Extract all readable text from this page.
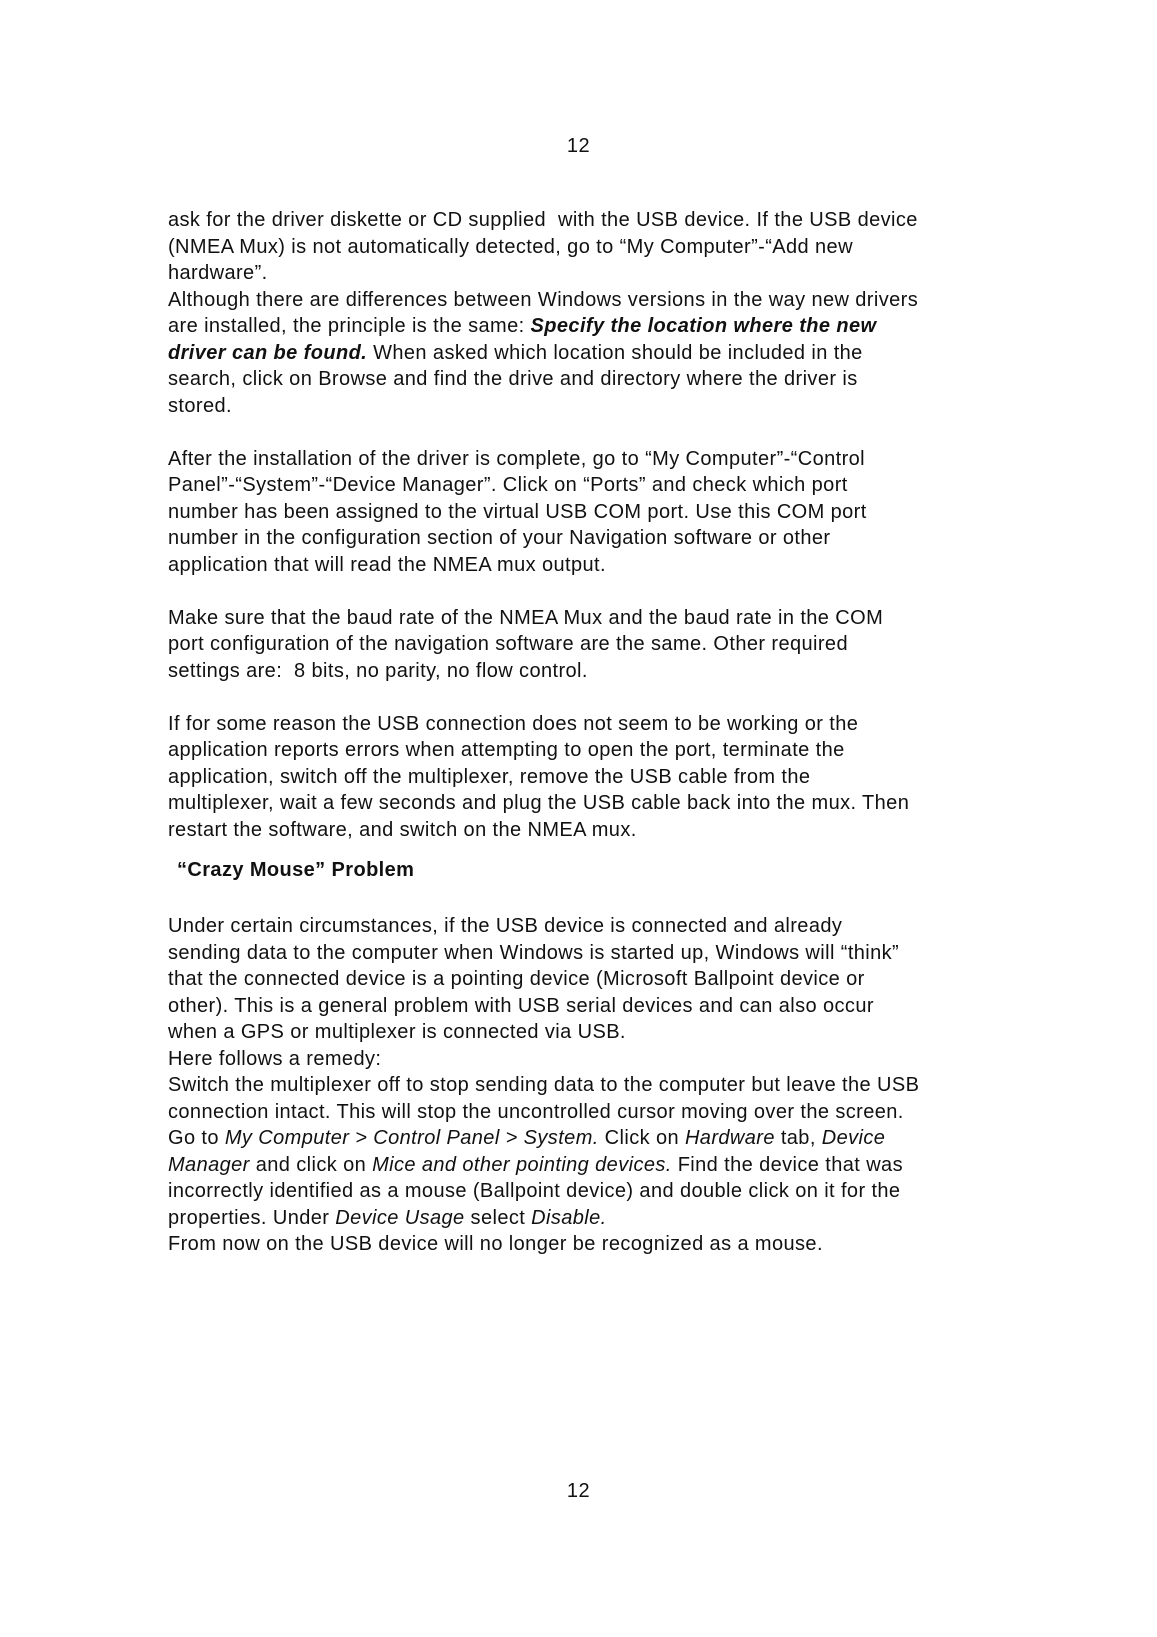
12
ask for the driver diskette or CD supplied  with the USB device. If the USB device
(NMEA Mux) is not automatically detected, go to “My Computer”-“Add new
hardware”.
Although there are differences between Windows versions in the way new drivers
are installed, the principle is the same: Specify the location where the new
driver can be found. When asked which location should be included in the
search, click on Browse and find the drive and directory where the driver is
stored.
After the installation of the driver is complete, go to “My Computer”-“Control
Panel”-“System”-“Device Manager”. Click on “Ports” and check which port
number has been assigned to the virtual USB COM port. Use this COM port
number in the configuration section of your Navigation software or other
application that will read the NMEA mux output.
Make sure that the baud rate of the NMEA Mux and the baud rate in the COM
port configuration of the navigation software are the same. Other required
settings are:  8 bits, no parity, no flow control.
If for some reason the USB connection does not seem to be working or the
application reports errors when attempting to open the port, terminate the
application, switch off the multiplexer, remove the USB cable from the
multiplexer, wait a few seconds and plug the USB cable back into the mux. Then
restart the software, and switch on the NMEA mux.
“Crazy Mouse” Problem
Under certain circumstances, if the USB device is connected and already
sending data to the computer when Windows is started up, Windows will “think”
that the connected device is a pointing device (Microsoft Ballpoint device or
other). This is a general problem with USB serial devices and can also occur
when a GPS or multiplexer is connected via USB.
Here follows a remedy:
Switch the multiplexer off to stop sending data to the computer but leave the USB
connection intact. This will stop the uncontrolled cursor moving over the screen.
Go to My Computer > Control Panel > System. Click on Hardware tab, Device
Manager and click on Mice and other pointing devices. Find the device that was
incorrectly identified as a mouse (Ballpoint device) and double click on it for the
properties. Under Device Usage select Disable.
From now on the USB device will no longer be recognized as a mouse.
12
